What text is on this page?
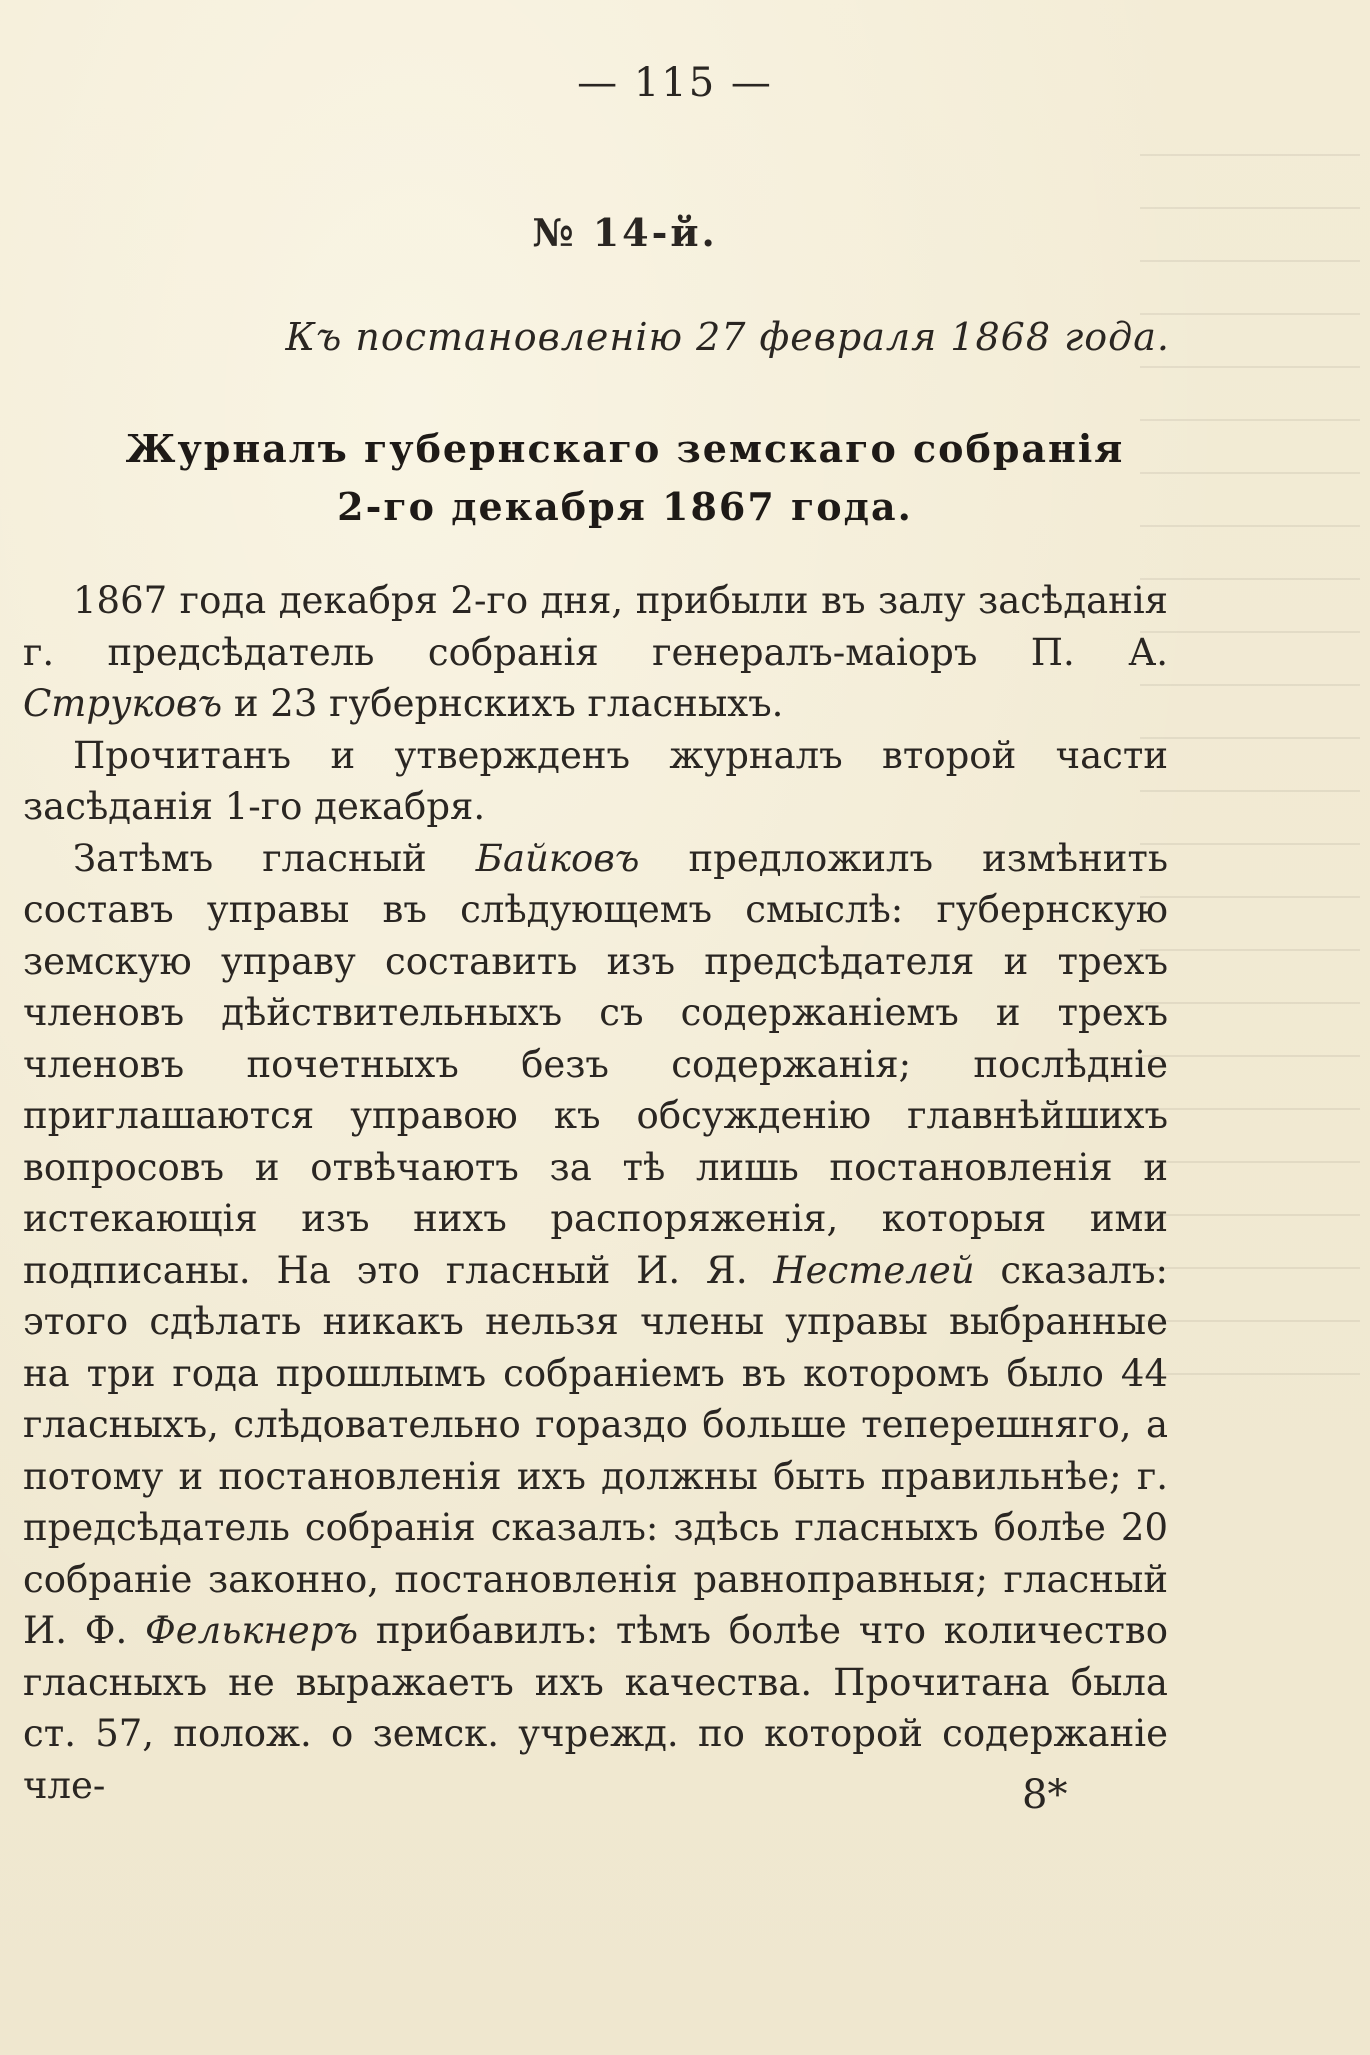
— 115 —
№ 14-й.
Къ постановленію 27 февраля 1868 года.
Журналъ губернскаго земскаго собранія
2-го декабря 1867 года.

1867 года декабря 2-го дня, прибыли въ залу засѣданія г. предсѣдатель собранія генералъ-маіоръ П. А. Струковъ и 23 губернскихъ гласныхъ.

Прочитанъ и утвержденъ журналъ второй части засѣданія 1-го декабря.

Затѣмъ гласный Байковъ предложилъ измѣнить составъ управы въ слѣдующемъ смыслѣ: губернскую земскую управу составить изъ предсѣдателя и трехъ членовъ дѣйствительныхъ съ содержаніемъ и трехъ членовъ почетныхъ безъ содержанія; послѣдніе приглашаются управою къ обсужденію главнѣйшихъ вопросовъ и отвѣчаютъ за тѣ лишь постановленія и истекающія изъ нихъ распоряженія, которыя ими подписаны. На это гласный И. Я. Нестелей сказалъ: этого сдѣлать никакъ нельзя члены управы выбранные на три года прошлымъ собраніемъ въ которомъ было 44 гласныхъ, слѣдовательно гораздо больше теперешняго, а потому и постановленія ихъ должны быть правильнѣе; г. предсѣдатель собранія сказалъ: здѣсь гласныхъ болѣе 20 собраніе законно, постановленія равноправныя; гласный И. Ф. Фелькнеръ прибавилъ: тѣмъ болѣе что количество гласныхъ не выражаетъ ихъ качества. Прочитана была ст. 57, полож. о земск. учрежд. по которой содержаніе чле-	8*
